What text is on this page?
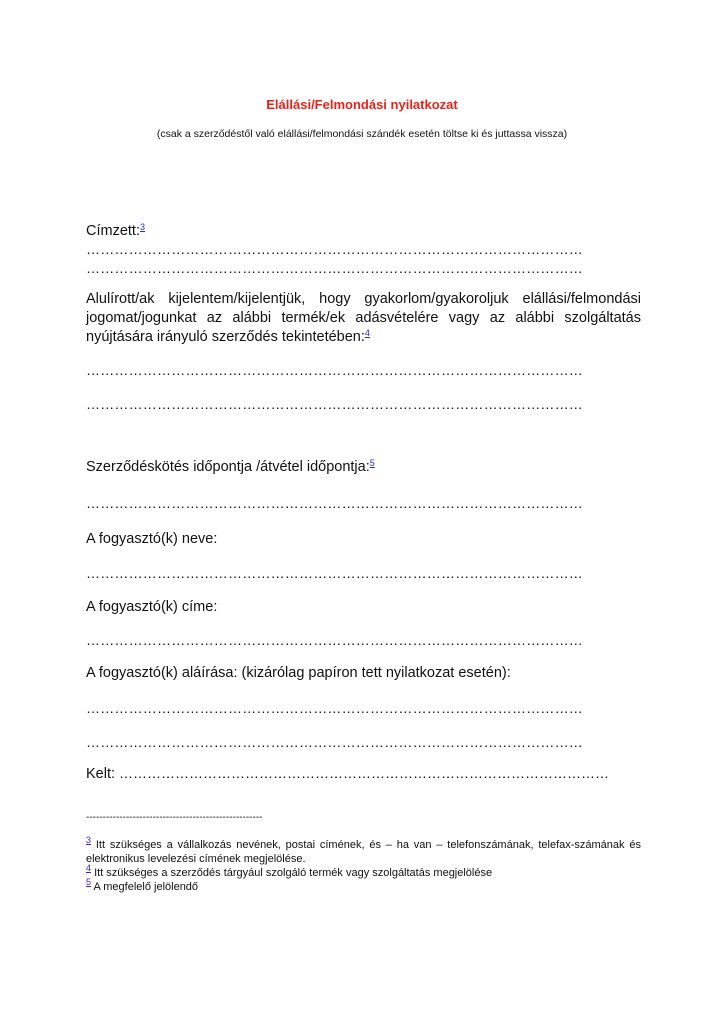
Elállási/Felmondási nyilatkozat

(csak a szerződéstől való elállási/felmondási szándék esetén töltse ki és juttassa vissza)

Címzett:$^3$

……………………………………………………………………………………………

……………………………………………………………………………………………

Alulírott/ak kijelentem/kijelentjük, hogy gyakorlom/gyakoroljuk elállási/felmondási jogomat/jogunkat az alábbi termék/ek adásvételére vagy az alábbi szolgáltatás nyújtására irányuló szerződés tekintetében:$^4$

……………………………………………………………………………………………

……………………………………………………………………………………………

Szerződéskötés időpontja /átvétel időpontja:$^5$

……………………………………………………………………………………………

A fogyasztó(k) neve:

……………………………………………………………………………………………

A fogyasztó(k) címe:

……………………………………………………………………………………………

A fogyasztó(k) aláírása: (kizárólag papíron tett nyilatkozat esetén):

……………………………………………………………………………………………

……………………………………………………………………………………………

Kelt: ……………………………………………………………………………………………

-----------------------------------------------------

$^3$ Itt szükséges a vállalkozás nevének, postai címének, és – ha van – telefonszámának, telefax-számának és elektronikus levelezési címének megjelölése.

$^4$ Itt szükséges a szerződés tárgyául szolgáló termék vagy szolgáltatás megjelölése

$^5$ A megfelelő jelölendő
